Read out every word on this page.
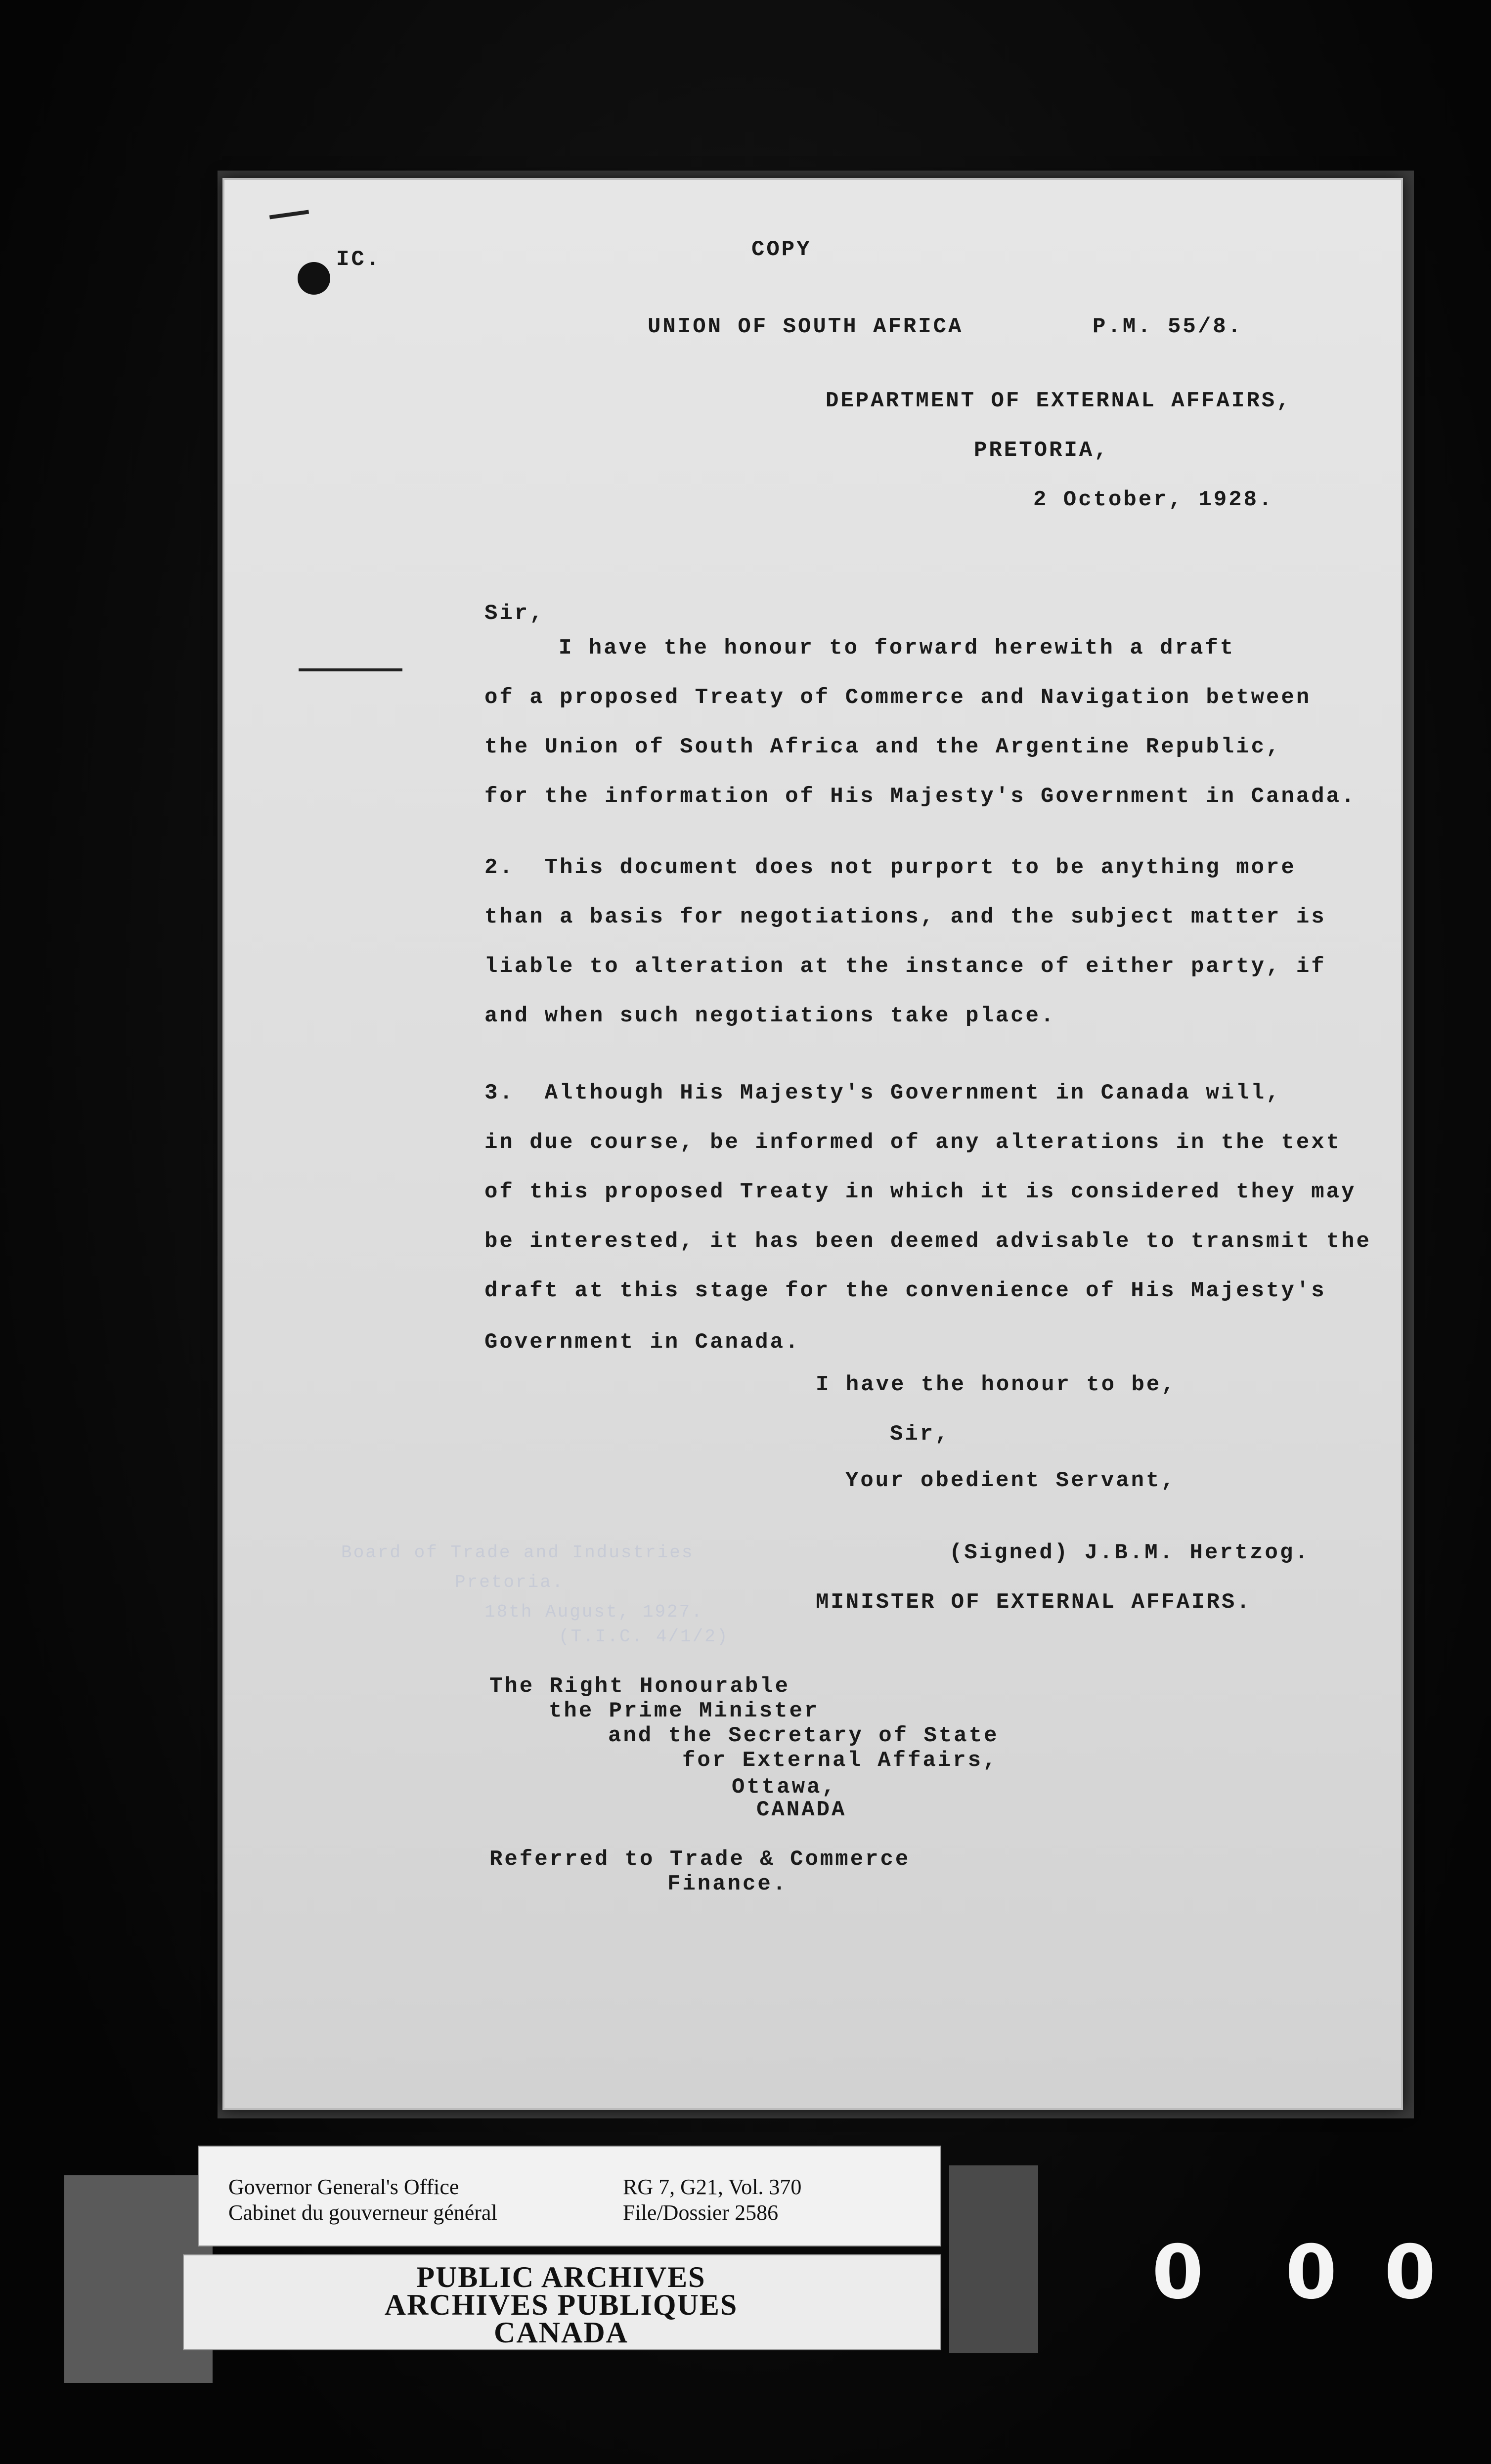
IC.	COPY
UNION OF SOUTH AFRICA	P.M. 55/8.
DEPARTMENT OF EXTERNAL AFFAIRS,
PRETORIA,
2 October, 1928.
Sir,
I have the honour to forward herewith a draft
of a proposed Treaty of Commerce and Navigation between
the Union of South Africa and the Argentine Republic,
for the information of His Majesty's Government in Canada.
2.  This document does not purport to be anything more
than a basis for negotiations, and the subject matter is
liable to alteration at the instance of either party, if
and when such negotiations take place.
3.  Although His Majesty's Government in Canada will,
in due course, be informed of any alterations in the text
of this proposed Treaty in which it is considered they may
be interested, it has been deemed advisable to transmit the
draft at this stage for the convenience of His Majesty's
Government in Canada.
I have the honour to be,
Sir,
Your obedient Servant,
Board of Trade and Industries
Pretoria.
18th August, 1927.
(T.I.C. 4/1/2)
(Signed) J.B.M. Hertzog.
MINISTER OF EXTERNAL AFFAIRS.
The Right Honourable
the Prime Minister
and the Secretary of State
for External Affairs,
Ottawa,
CANADA
Referred to Trade & Commerce
Finance.
Governor General's Office
Cabinet du gouverneur général
RG 7, G21, Vol. 370
File/Dossier 2586
PUBLIC ARCHIVES
ARCHIVES PUBLIQUES
CANADA
0 0 0
